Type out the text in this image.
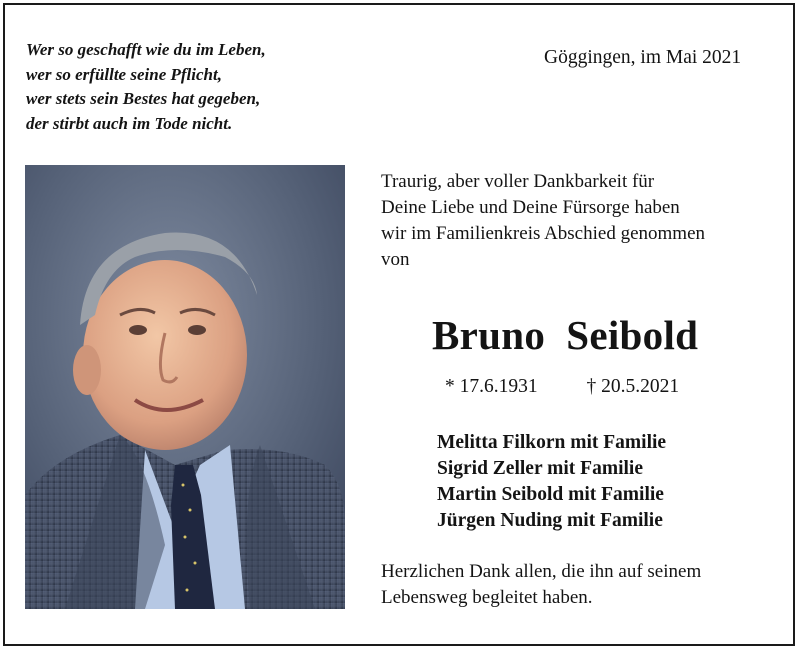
Wer so geschafft wie du im Leben,
wer so erfüllte seine Pflicht,
wer stets sein Bestes hat gegeben,
der stirbt auch im Tode nicht.
Göggingen, im Mai 2021
Traurig, aber voller Dankbarkeit für
Deine Liebe und Deine Fürsorge haben
wir im Familienkreis Abschied genommen
von
Bruno  Seibold
* 17.6.1931	† 20.5.2021
Melitta Filkorn mit Familie
Sigrid Zeller mit Familie
Martin Seibold mit Familie
Jürgen Nuding mit Familie
Herzlichen Dank allen, die ihn auf seinem
Lebensweg begleitet haben.
